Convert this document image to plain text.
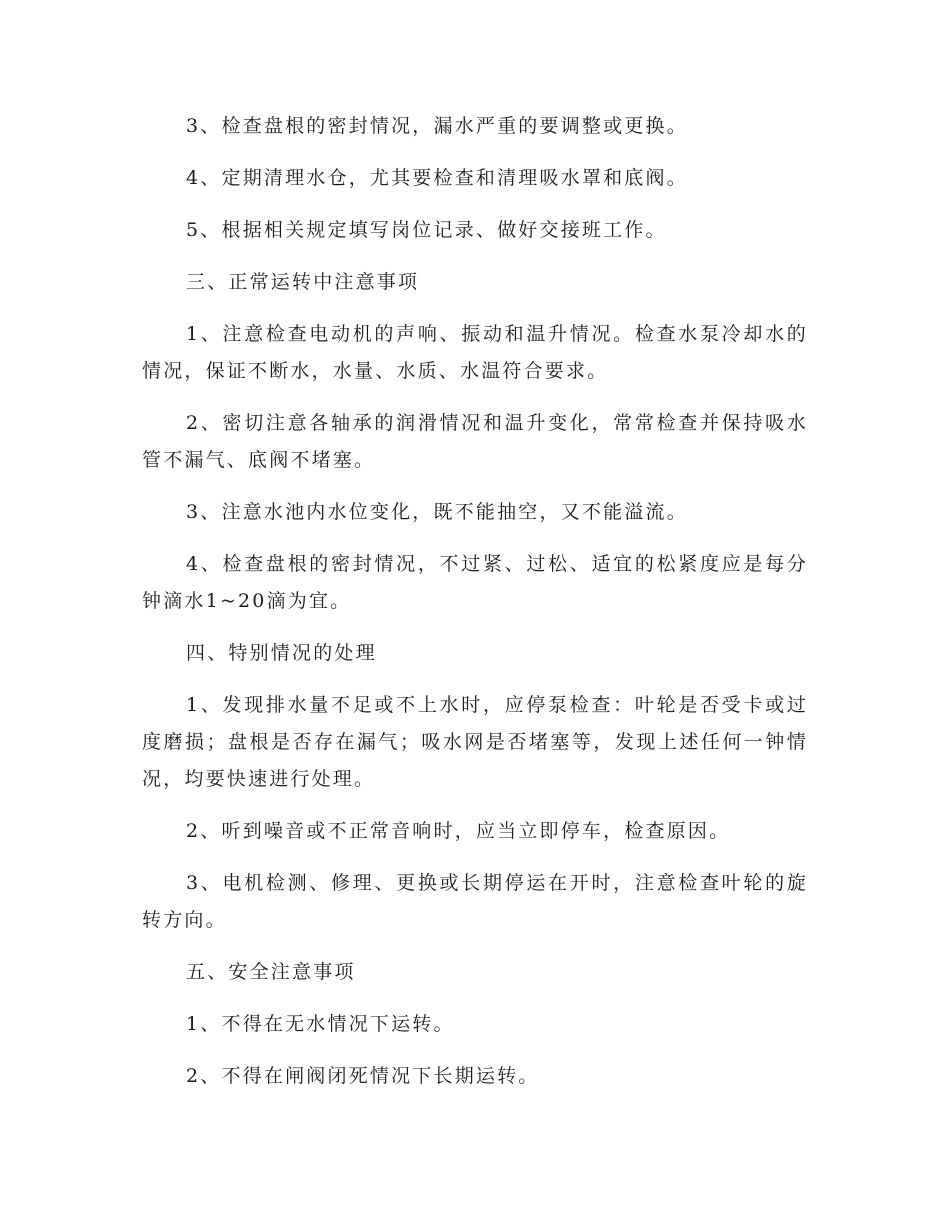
3、检查盘根的密封情况，漏水严重的要调整或更换。

4、定期清理水仓，尤其要检查和清理吸水罩和底阀。

5、根据相关规定填写岗位记录、做好交接班工作。

三、正常运转中注意事项

1、注意检查电动机的声响、振动和温升情况。检查水泵冷却水的情况，保证不断水，水量、水质、水温符合要求。

2、密切注意各轴承的润滑情况和温升变化，常常检查并保持吸水管不漏气、底阀不堵塞。

3、注意水池内水位变化，既不能抽空，又不能溢流。

4、检查盘根的密封情况，不过紧、过松、适宜的松紧度应是每分钟滴水1~20滴为宜。

四、特别情况的处理

1、发现排水量不足或不上水时，应停泵检查：叶轮是否受卡或过度磨损；盘根是否存在漏气；吸水网是否堵塞等，发现上述任何一钟情况，均要快速进行处理。

2、听到噪音或不正常音响时，应当立即停车，检查原因。

3、电机检测、修理、更换或长期停运在开时，注意检查叶轮的旋转方向。

五、安全注意事项

1、不得在无水情况下运转。

2、不得在闸阀闭死情况下长期运转。
